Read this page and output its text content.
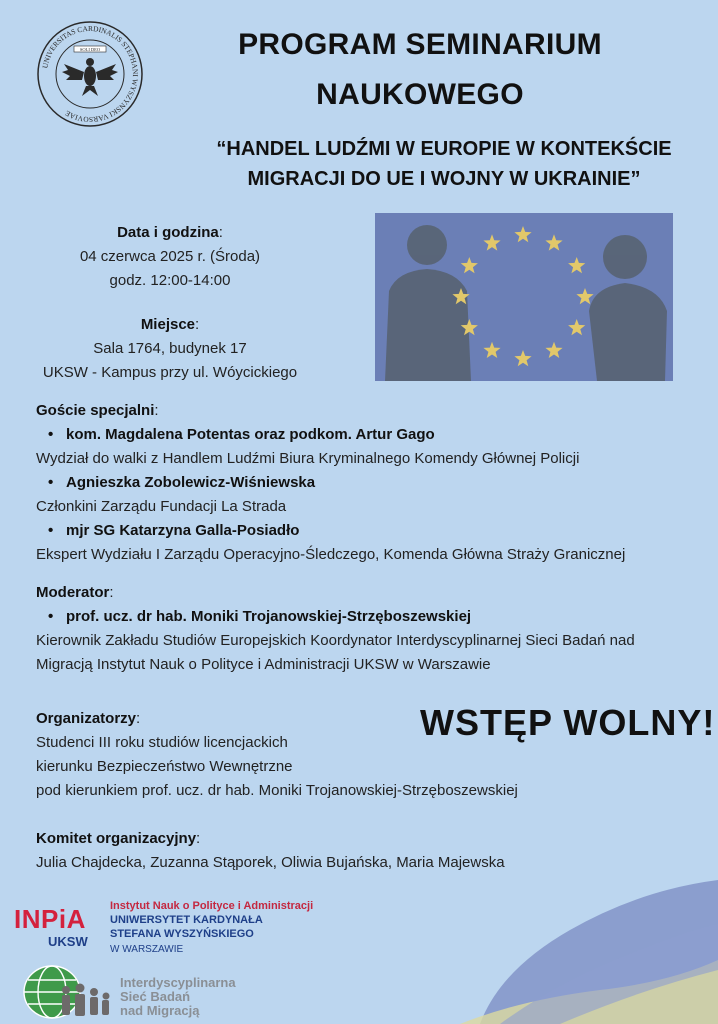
UNIVERSITAS CARDINALIS STEPHANI WYSZYNSKI VARSOVIAE
SOLI DEO	PROGRAM SEMINARIUM
NAUKOWEGO
“HANDEL LUDŹMI W EUROPIE W KONTEKŚCIE
MIGRACJI DO UE I WOJNY W UKRAINIE”
Data i godzina:
04 czerwca 2025 r. (Środa)
godz. 12:00-14:00
Miejsce:
Sala 1764, budynek 17
UKSW - Kampus przy ul. Wóycickiego
Goście specjalni:
• kom. Magdalena Potentas oraz podkom. Artur Gago
Wydział do walki z Handlem Ludźmi Biura Kryminalnego Komendy Głównej Policji
• Agnieszka Zobolewicz-Wiśniewska
Członkini Zarządu Fundacji La Strada
• mjr SG Katarzyna Galla-Posiadło
Ekspert Wydziału I Zarządu Operacyjno-Śledczego, Komenda Główna Straży Granicznej
Moderator:
• prof. ucz. dr hab. Moniki Trojanowskiej-Strzęboszewskiej
Kierownik Zakładu Studiów Europejskich Koordynator Interdyscyplinarnej Sieci Badań nad
Migracją Instytut Nauk o Polityce i Administracji UKSW w Warszawie
Organizatorzy:
Studenci III roku studiów licencjackich
kierunku Bezpieczeństwo Wewnętrzne
pod kierunkiem prof. ucz. dr hab. Moniki Trojanowskiej-Strzęboszewskiej
WSTĘP WOLNY!
Komitet organizacyjny:
Julia Chajdecka, Zuzanna Stąporek, Oliwia Bujańska, Maria Majewska
INPiA
UKSW
Instytut Nauk o Polityce i Administracji
UNIWERSYTET KARDYNAŁA
STEFANA WYSZYŃSKIEGO
W WARSZAWIE
Interdyscyplinarna
Sieć Badań
nad Migracją
